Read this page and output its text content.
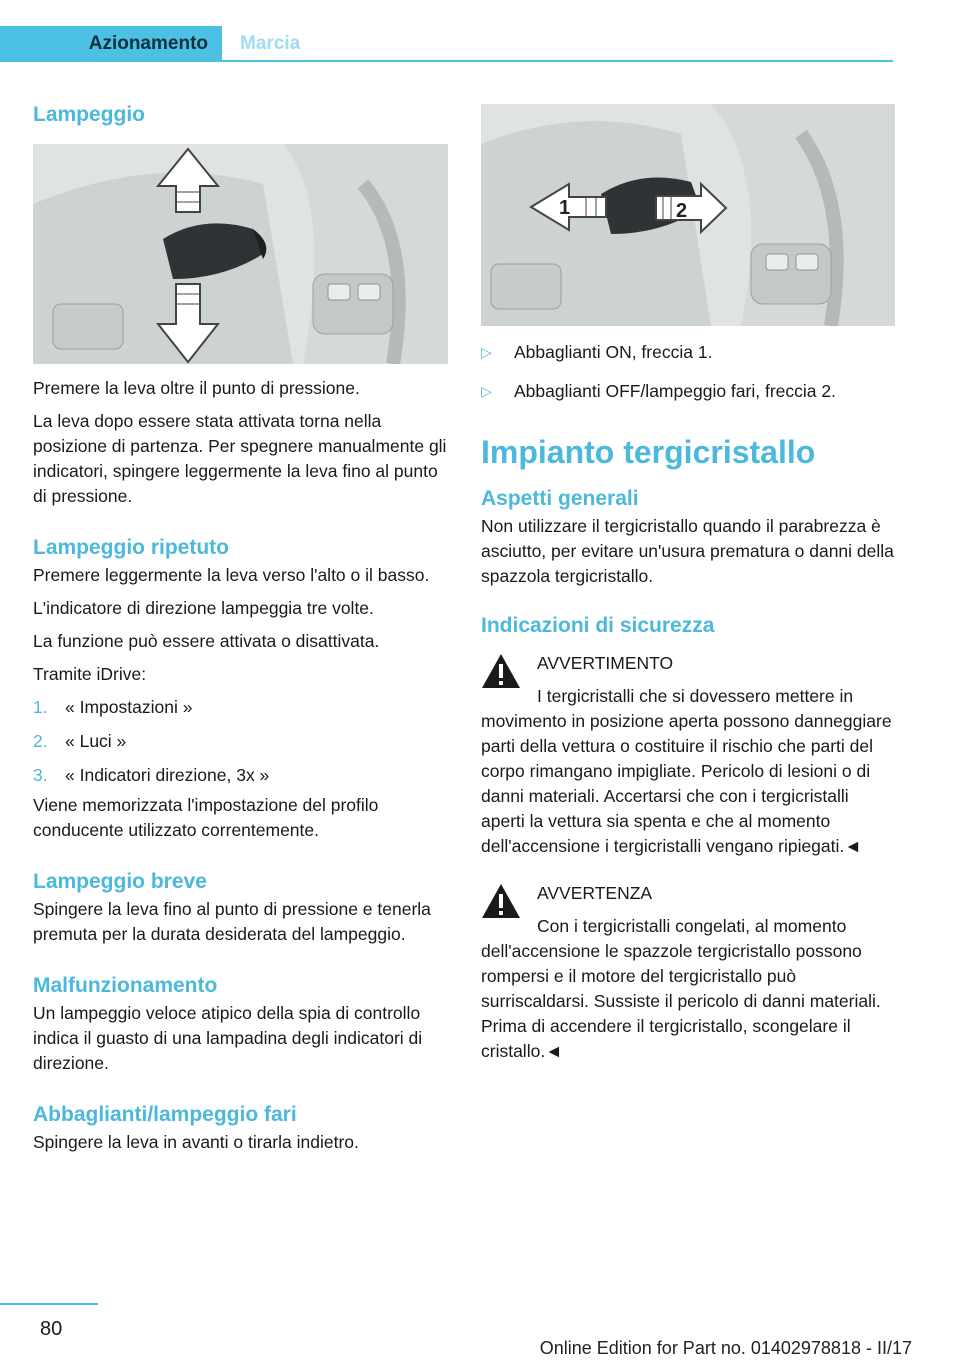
Azionamento	Marcia
Lampeggio

Premere la leva oltre il punto di pressione.

La leva dopo essere stata attivata torna nella posizione di partenza. Per spegnere manualmente gli indicatori, spingere leggermente la leva fino al punto di pressione.

Lampeggio ripetuto

Premere leggermente la leva verso l'alto o il basso.

L'indicatore di direzione lampeggia tre volte.

La funzione può essere attivata o disattivata.

Tramite iDrive:

1. « Impostazioni »
2. « Luci »
3. « Indicatori direzione, 3x »

Viene memorizzata l'impostazione del profilo conducente utilizzato correntemente.

Lampeggio breve

Spingere la leva fino al punto di pressione e tenerla premuta per la durata desiderata del lampeggio.

Malfunzionamento

Un lampeggio veloce atipico della spia di controllo indica il guasto di una lampadina degli indicatori di direzione.

Abbaglianti/lampeggio fari

Spingere la leva in avanti o tirarla indietro.

1	2
▷	Abbaglianti ON, freccia 1.
▷	Abbaglianti OFF/lampeggio fari, freccia 2.
Impianto tergicristallo
Aspetti generali

Non utilizzare il tergicristallo quando il parabrezza è asciutto, per evitare un'usura prematura o danni della spazzola tergicristallo.

Indicazioni di sicurezza
AVVERTIMENTO

I tergicristalli che si dovessero mettere in movimento in posizione aperta possono danneggiare parti della vettura o costituire il rischio che parti del corpo rimangano impigliate. Pericolo di lesioni o di danni materiali. Accertarsi che con i tergicristalli aperti la vettura sia spenta e che al momento dell'accensione i tergicristalli vengano ripiegati.◄

AVVERTENZA

Con i tergicristalli congelati, al momento dell'accensione le spazzole tergicristallo possono rompersi e il motore del tergicristallo può surriscaldarsi. Sussiste il pericolo di danni materiali. Prima di accendere il tergicristallo, scongelare il cristallo.◄

80
Online Edition for Part no. 01402978818 - II/17
